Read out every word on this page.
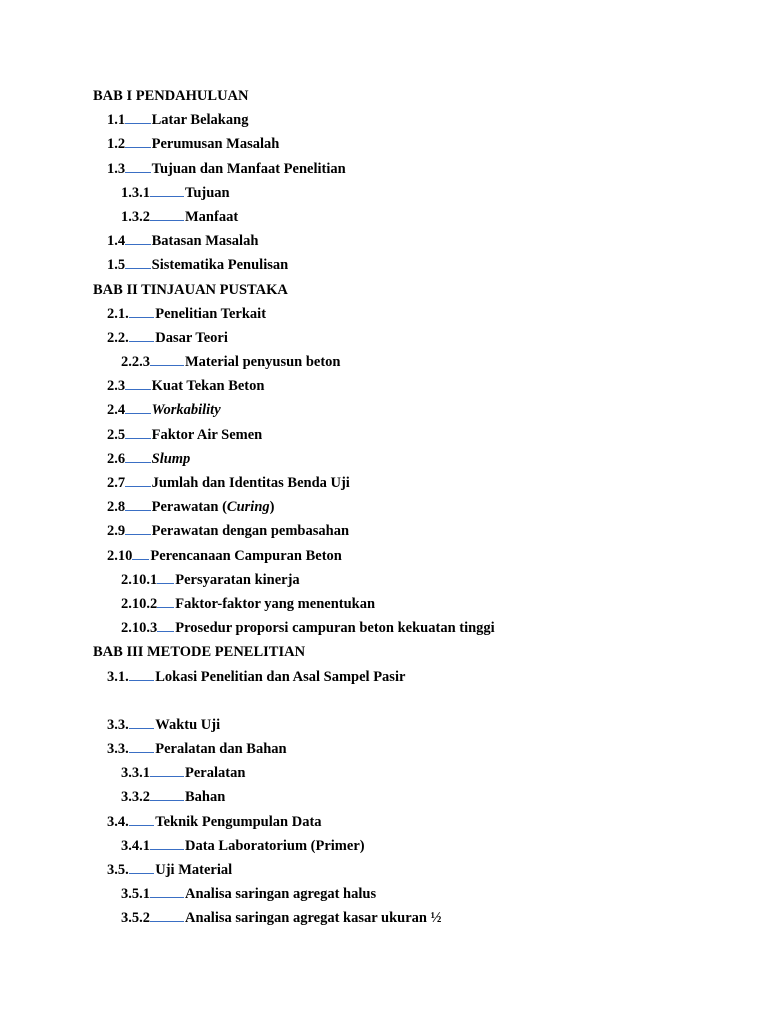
BAB I PENDAHULUAN
1.1 Latar Belakang
1.2 Perumusan Masalah
1.3 Tujuan dan Manfaat Penelitian
1.3.1 Tujuan
1.3.2 Manfaat
1.4 Batasan Masalah
1.5 Sistematika Penulisan
BAB II TINJAUAN PUSTAKA
2.1. Penelitian Terkait
2.2. Dasar Teori
2.2.3 Material penyusun beton
2.3 Kuat Tekan Beton
2.4 Workability
2.5 Faktor Air Semen
2.6 Slump
2.7 Jumlah dan Identitas Benda Uji
2.8 Perawatan (Curing)
2.9 Perawatan dengan pembasahan
2.10 Perencanaan Campuran Beton
2.10.1 Persyaratan kinerja
2.10.2 Faktor-faktor yang menentukan
2.10.3 Prosedur proporsi campuran beton kekuatan tinggi
BAB III METODE PENELITIAN
3.1. Lokasi Penelitian dan Asal Sampel Pasir
3.3. Waktu Uji
3.3. Peralatan dan Bahan
3.3.1 Peralatan
3.3.2 Bahan
3.4. Teknik Pengumpulan Data
3.4.1 Data Laboratorium (Primer)
3.5. Uji Material
3.5.1 Analisa saringan agregat halus
3.5.2 Analisa saringan agregat kasar ukuran ½
